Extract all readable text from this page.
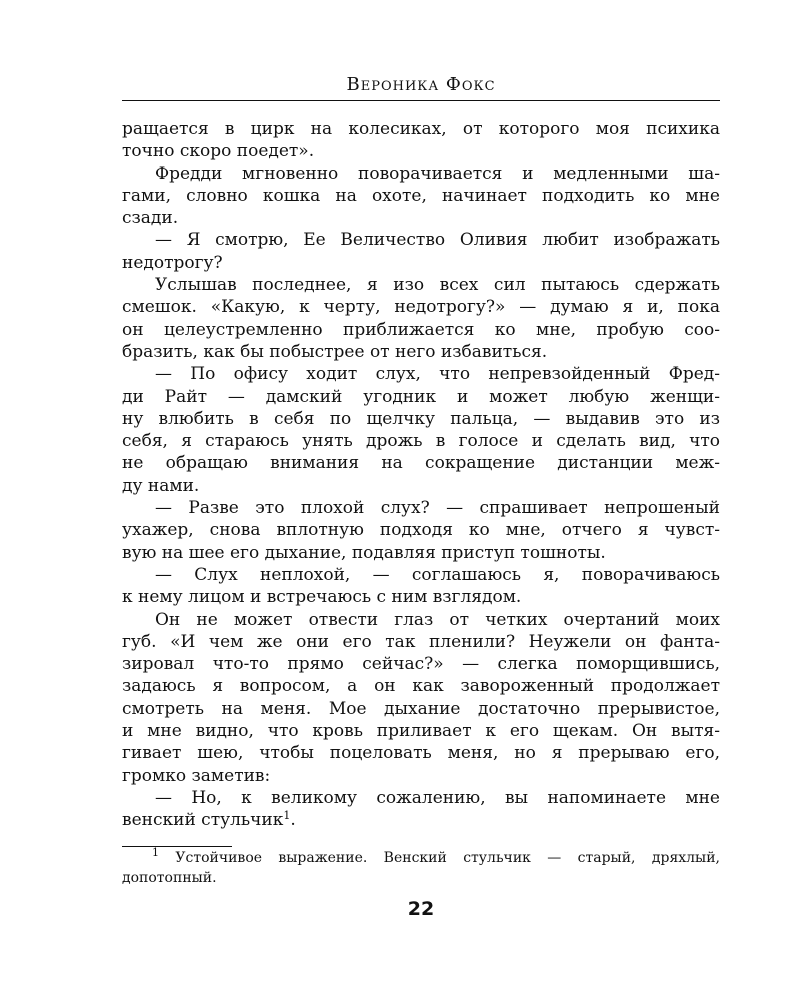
Вероника Фокс
ращается в цирк на колесиках, от которого моя психика
точно скоро поедет».
Фредди мгновенно поворачивается и медленными ша-
гами, словно кошка на охоте, начинает подходить ко мне
сзади.
— Я смотрю, Ее Величество Оливия любит изображать
недотрогу?
Услышав последнее, я изо всех сил пытаюсь сдержать
смешок. «Какую, к черту, недотрогу?» — думаю я и, пока
он целеустремленно приближается ко мне, пробую соо-
бразить, как бы побыстрее от него избавиться.
— По офису ходит слух, что непревзойденный Фред-
ди Райт — дамский угодник и может любую женщи-
ну влюбить в себя по щелчку пальца, — выдавив это из
себя, я стараюсь унять дрожь в голосе и сделать вид, что
не обращаю внимания на сокращение дистанции меж-
ду нами.
— Разве это плохой слух? — спрашивает непрошеный
ухажер, снова вплотную подходя ко мне, отчего я чувст-
вую на шее его дыхание, подавляя приступ тошноты.
— Слух неплохой, — соглашаюсь я, поворачиваюсь
к нему лицом и встречаюсь с ним взглядом.
Он не может отвести глаз от четких очертаний моих
губ. «И чем же они его так пленили? Неужели он фанта-
зировал что-то прямо сейчас?» — слегка поморщившись,
задаюсь я вопросом, а он как завороженный продолжает
смотреть на меня. Мое дыхание достаточно прерывистое,
и мне видно, что кровь приливает к его щекам. Он вытя-
гивает шею, чтобы поцеловать меня, но я прерываю его,
громко заметив:
— Но, к великому сожалению, вы напоминаете мне
венский стульчик$^1$.
$^1$ Устойчивое выражение. Венский стульчик — старый, дряхлый,
допотопный.
22
